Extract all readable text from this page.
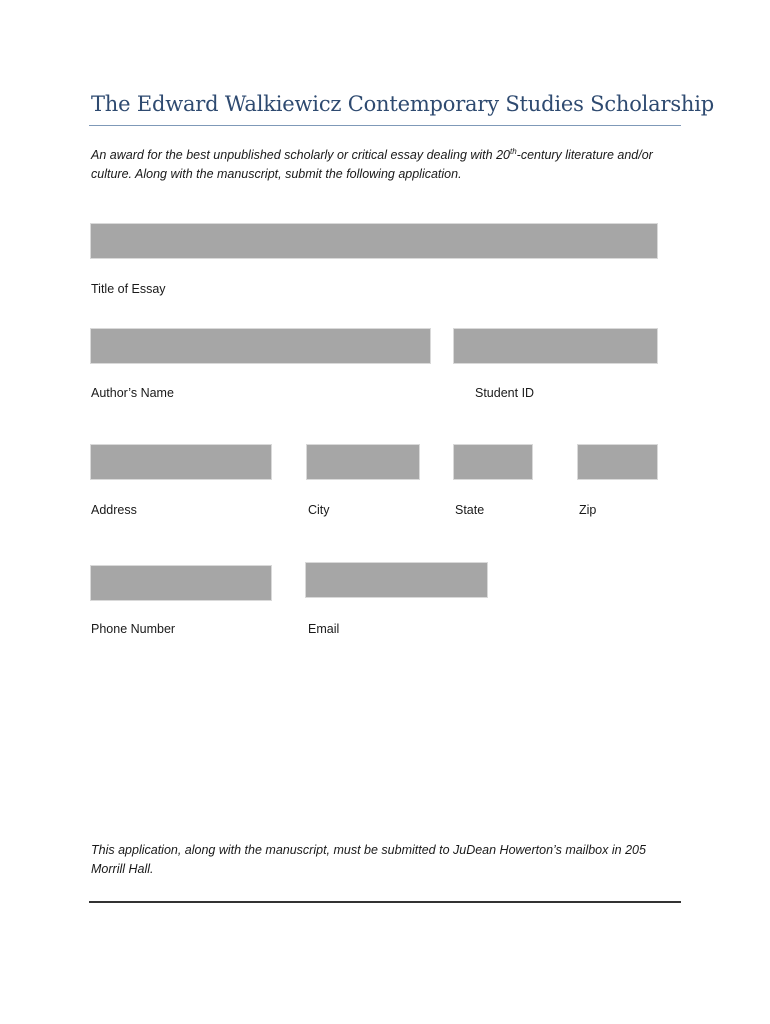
The Edward Walkiewicz Contemporary Studies Scholarship
An award for the best unpublished scholarly or critical essay dealing with 20th-century literature and/or culture. Along with the manuscript, submit the following application.
Title of Essay
Author’s Name	Student ID
Address	City	State	Zip
Phone Number	Email
This application, along with the manuscript, must be submitted to JuDean Howerton’s mailbox in 205 Morrill Hall.
